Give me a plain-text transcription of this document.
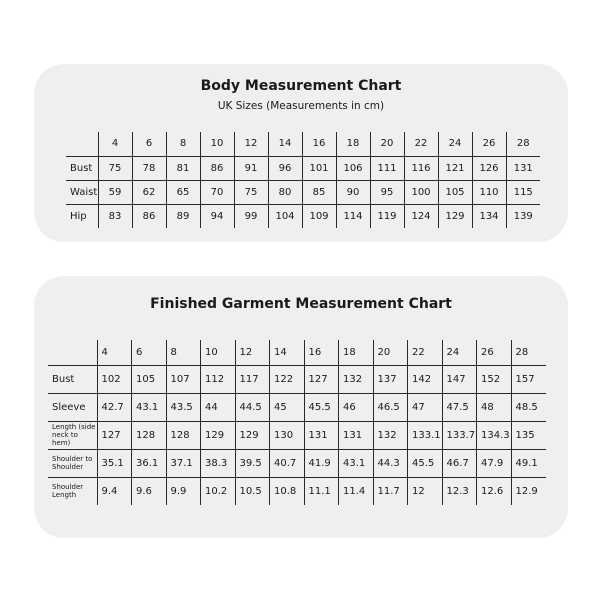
Body Measurement Chart
UK Sizes (Measurements in cm)
	4	6	8	10	12	14	16	18	20	22	24	26	28
Bust	75	78	81	86	91	96	101	106	111	116	121	126	131
Waist	59	62	65	70	75	80	85	90	95	100	105	110	115
Hip	83	86	89	94	99	104	109	114	119	124	129	134	139
Finished Garment Measurement Chart
	4	6	8	10	12	14	16	18	20	22	24	26	28
Bust	102	105	107	112	117	122	127	132	137	142	147	152	157
Sleeve	42.7	43.1	43.5	44	44.5	45	45.5	46	46.5	47	47.5	48	48.5
Length (side neck to hem)	127	128	128	129	129	130	131	131	132	133.1	133.7	134.3	135
Shoulder to Shoulder	35.1	36.1	37.1	38.3	39.5	40.7	41.9	43.1	44.3	45.5	46.7	47.9	49.1
Shoulder Length	9.4	9.6	9.9	10.2	10.5	10.8	11.1	11.4	11.7	12	12.3	12.6	12.9
